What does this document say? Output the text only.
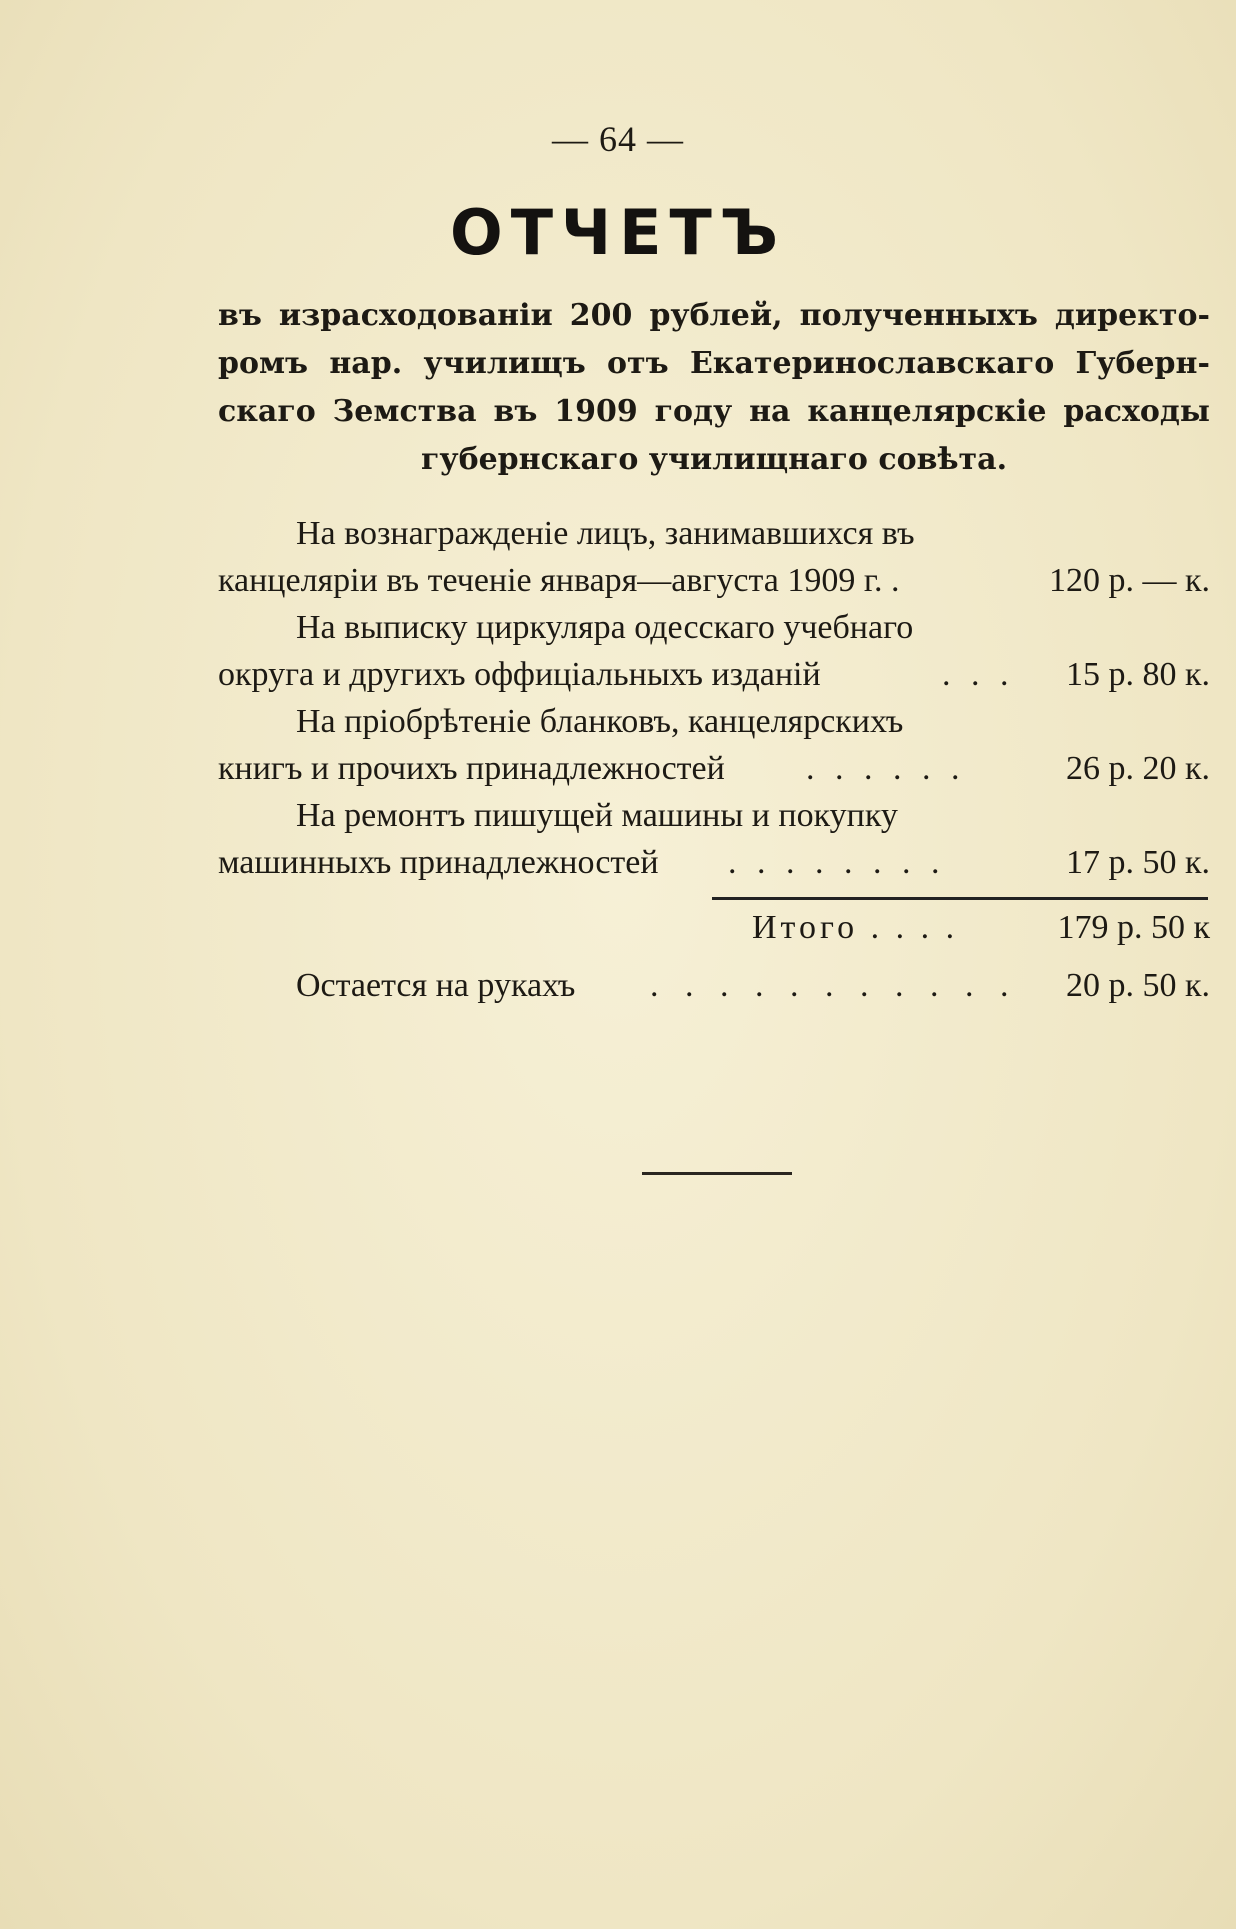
— 64 —
ОТЧЕТЪ
въ израсходованіи 200 рублей, полученныхъ директо-
ромъ нар. училищъ отъ Екатеринославскаго Губерн-
скаго Земства въ 1909 году на канцелярскіе расходы
губернскаго училищнаго совѣта.
На вознагражденіе лицъ, занимавшихся въ
канцеляріи въ теченіе января—августа 1909 г. .	120 р. — к.
На выписку циркуляра одесскаго учебнаго
округа и другихъ оффиціальныхъ изданій	. . . 15 р. 80 к.
На пріобрѣтеніе бланковъ, канцелярскихъ
книгъ и прочихъ принадлежностей . . . . . .	26 р. 20 к.
На ремонтъ пишущей машины и покупку
машинныхъ принадлежностей . . . . . . . .	17 р. 50 к.
Итого . . . .	179 р. 50 к
Остается на рукахъ . . . . . . . . . . . 20 р. 50 к.
